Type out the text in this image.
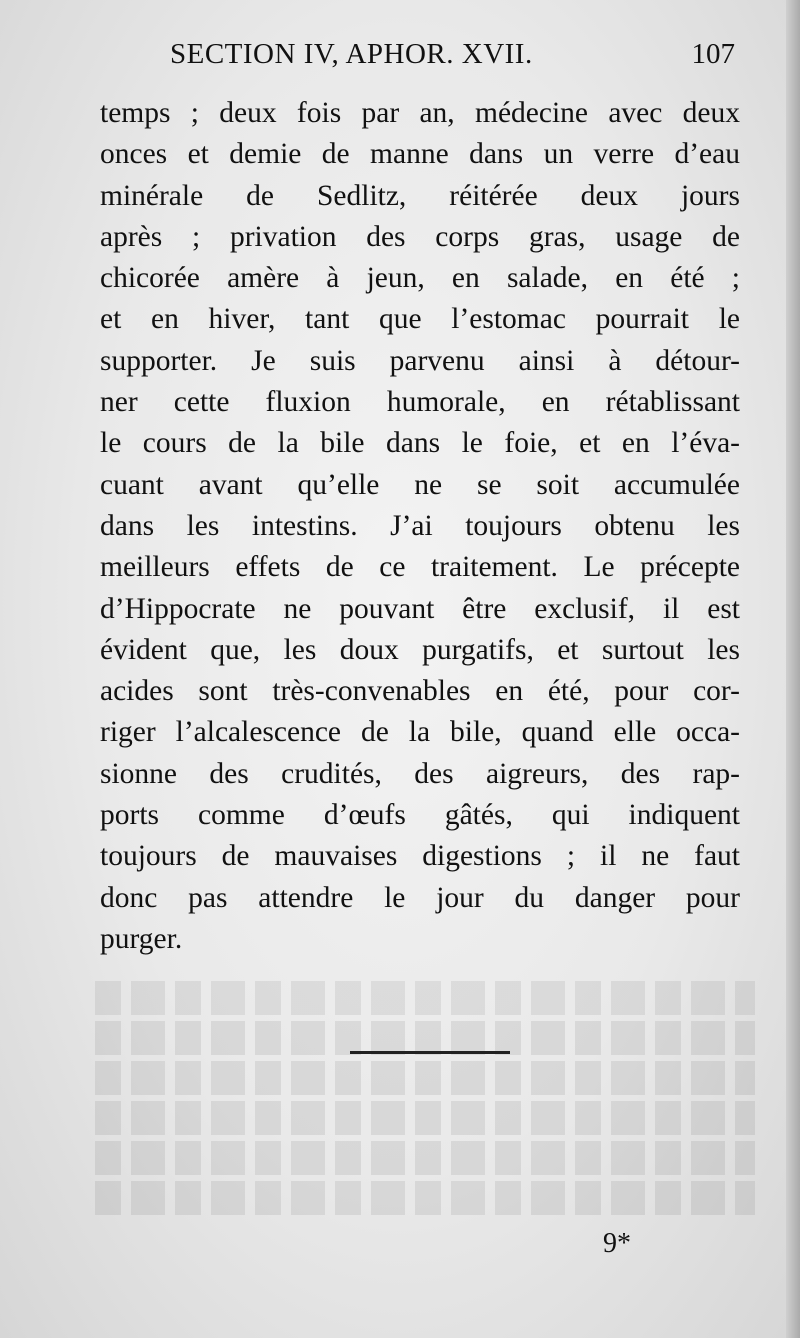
SECTION IV, APHOR. XVII.	107
temps ; deux fois par an, médecine avec deux
onces et demie de manne dans un verre d’eau
minérale de Sedlitz, réitérée deux jours
après ; privation des corps gras, usage de
chicorée amère à jeun, en salade, en été ;
et en hiver, tant que l’estomac pourrait le
supporter. Je suis parvenu ainsi à détour-
ner cette fluxion humorale, en rétablissant
le cours de la bile dans le foie, et en l’éva-
cuant avant qu’elle ne se soit accumulée
dans les intestins. J’ai toujours obtenu les
meilleurs effets de ce traitement. Le précepte
d’Hippocrate ne pouvant être exclusif, il est
évident que, les doux purgatifs, et surtout les
acides sont très-convenables en été, pour cor-
riger l’alcalescence de la bile, quand elle occa-
sionne des crudités, des aigreurs, des rap-
ports comme d’œufs gâtés, qui indiquent
toujours de mauvaises digestions ; il ne faut
donc pas attendre le jour du danger pour
purger.
9*
